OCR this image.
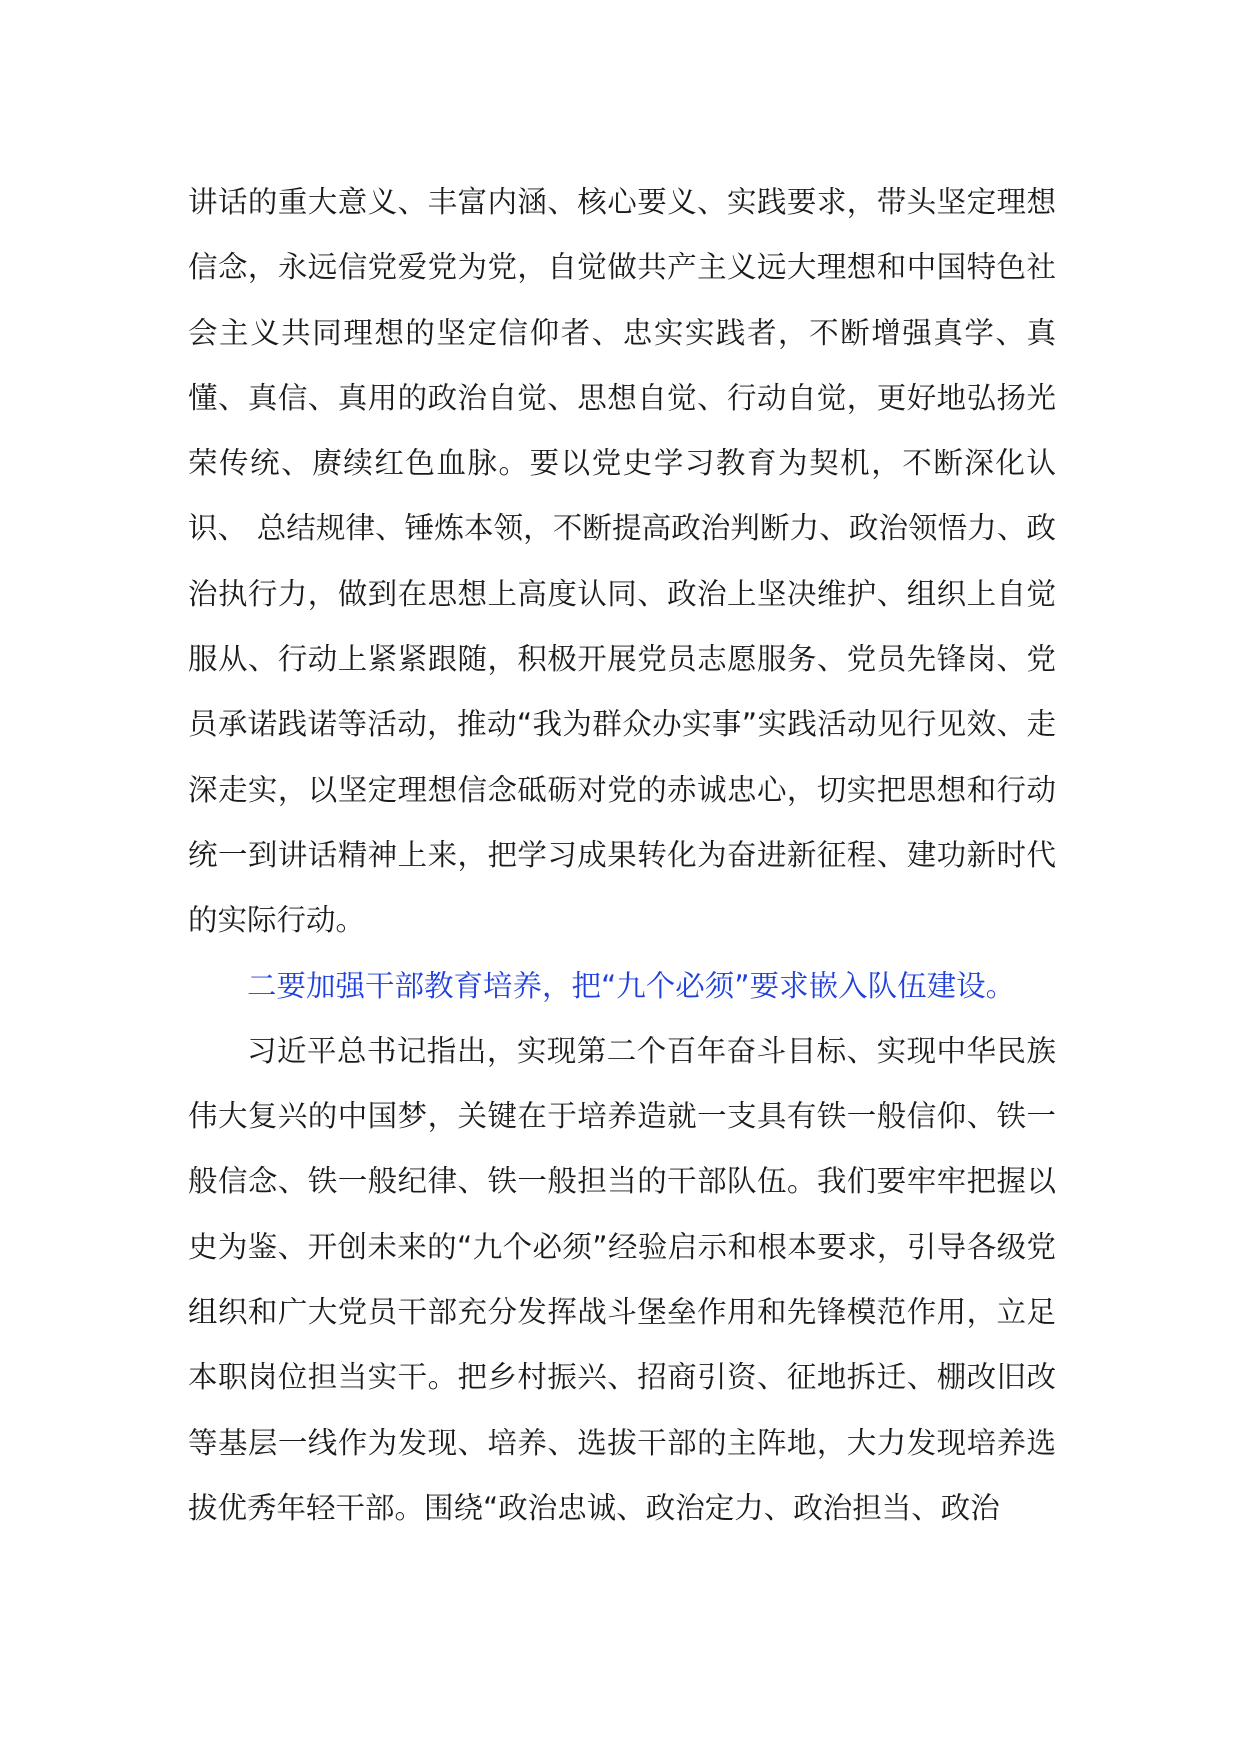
讲话的重大意义、丰富内涵、核心要义、实践要求，带头坚定理想信念，永远信党爱党为党，自觉做共产主义远大理想和中国特色社会主义共同理想的坚定信仰者、忠实实践者，不断增强真学、真懂、真信、真用的政治自觉、思想自觉、行动自觉，更好地弘扬光荣传统、赓续红色血脉。要以党史学习教育为契机，不断深化认识、 总结规律、锤炼本领，不断提高政治判断力、政治领悟力、政治执行力，做到在思想上高度认同、政治上坚决维护、组织上自觉服从、行动上紧紧跟随，积极开展党员志愿服务、党员先锋岗、党员承诺践诺等活动，推动“我为群众办实事”实践活动见行见效、走深走实，以坚定理想信念砥砺对党的赤诚忠心，切实把思想和行动统一到讲话精神上来，把学习成果转化为奋进新征程、建功新时代的实际行动。

二要加强干部教育培养，把“九个必须”要求嵌入队伍建设。

习近平总书记指出，实现第二个百年奋斗目标、实现中华民族伟大复兴的中国梦，关键在于培养造就一支具有铁一般信仰、铁一般信念、铁一般纪律、铁一般担当的干部队伍。我们要牢牢把握以史为鉴、开创未来的“九个必须”经验启示和根本要求，引导各级党组织和广大党员干部充分发挥战斗堡垒作用和先锋模范作用，立足本职岗位担当实干。把乡村振兴、招商引资、征地拆迁、棚改旧改等基层一线作为发现、培养、选拔干部的主阵地，大力发现培养选拔优秀年轻干部。围绕“政治忠诚、政治定力、政治担当、政治
